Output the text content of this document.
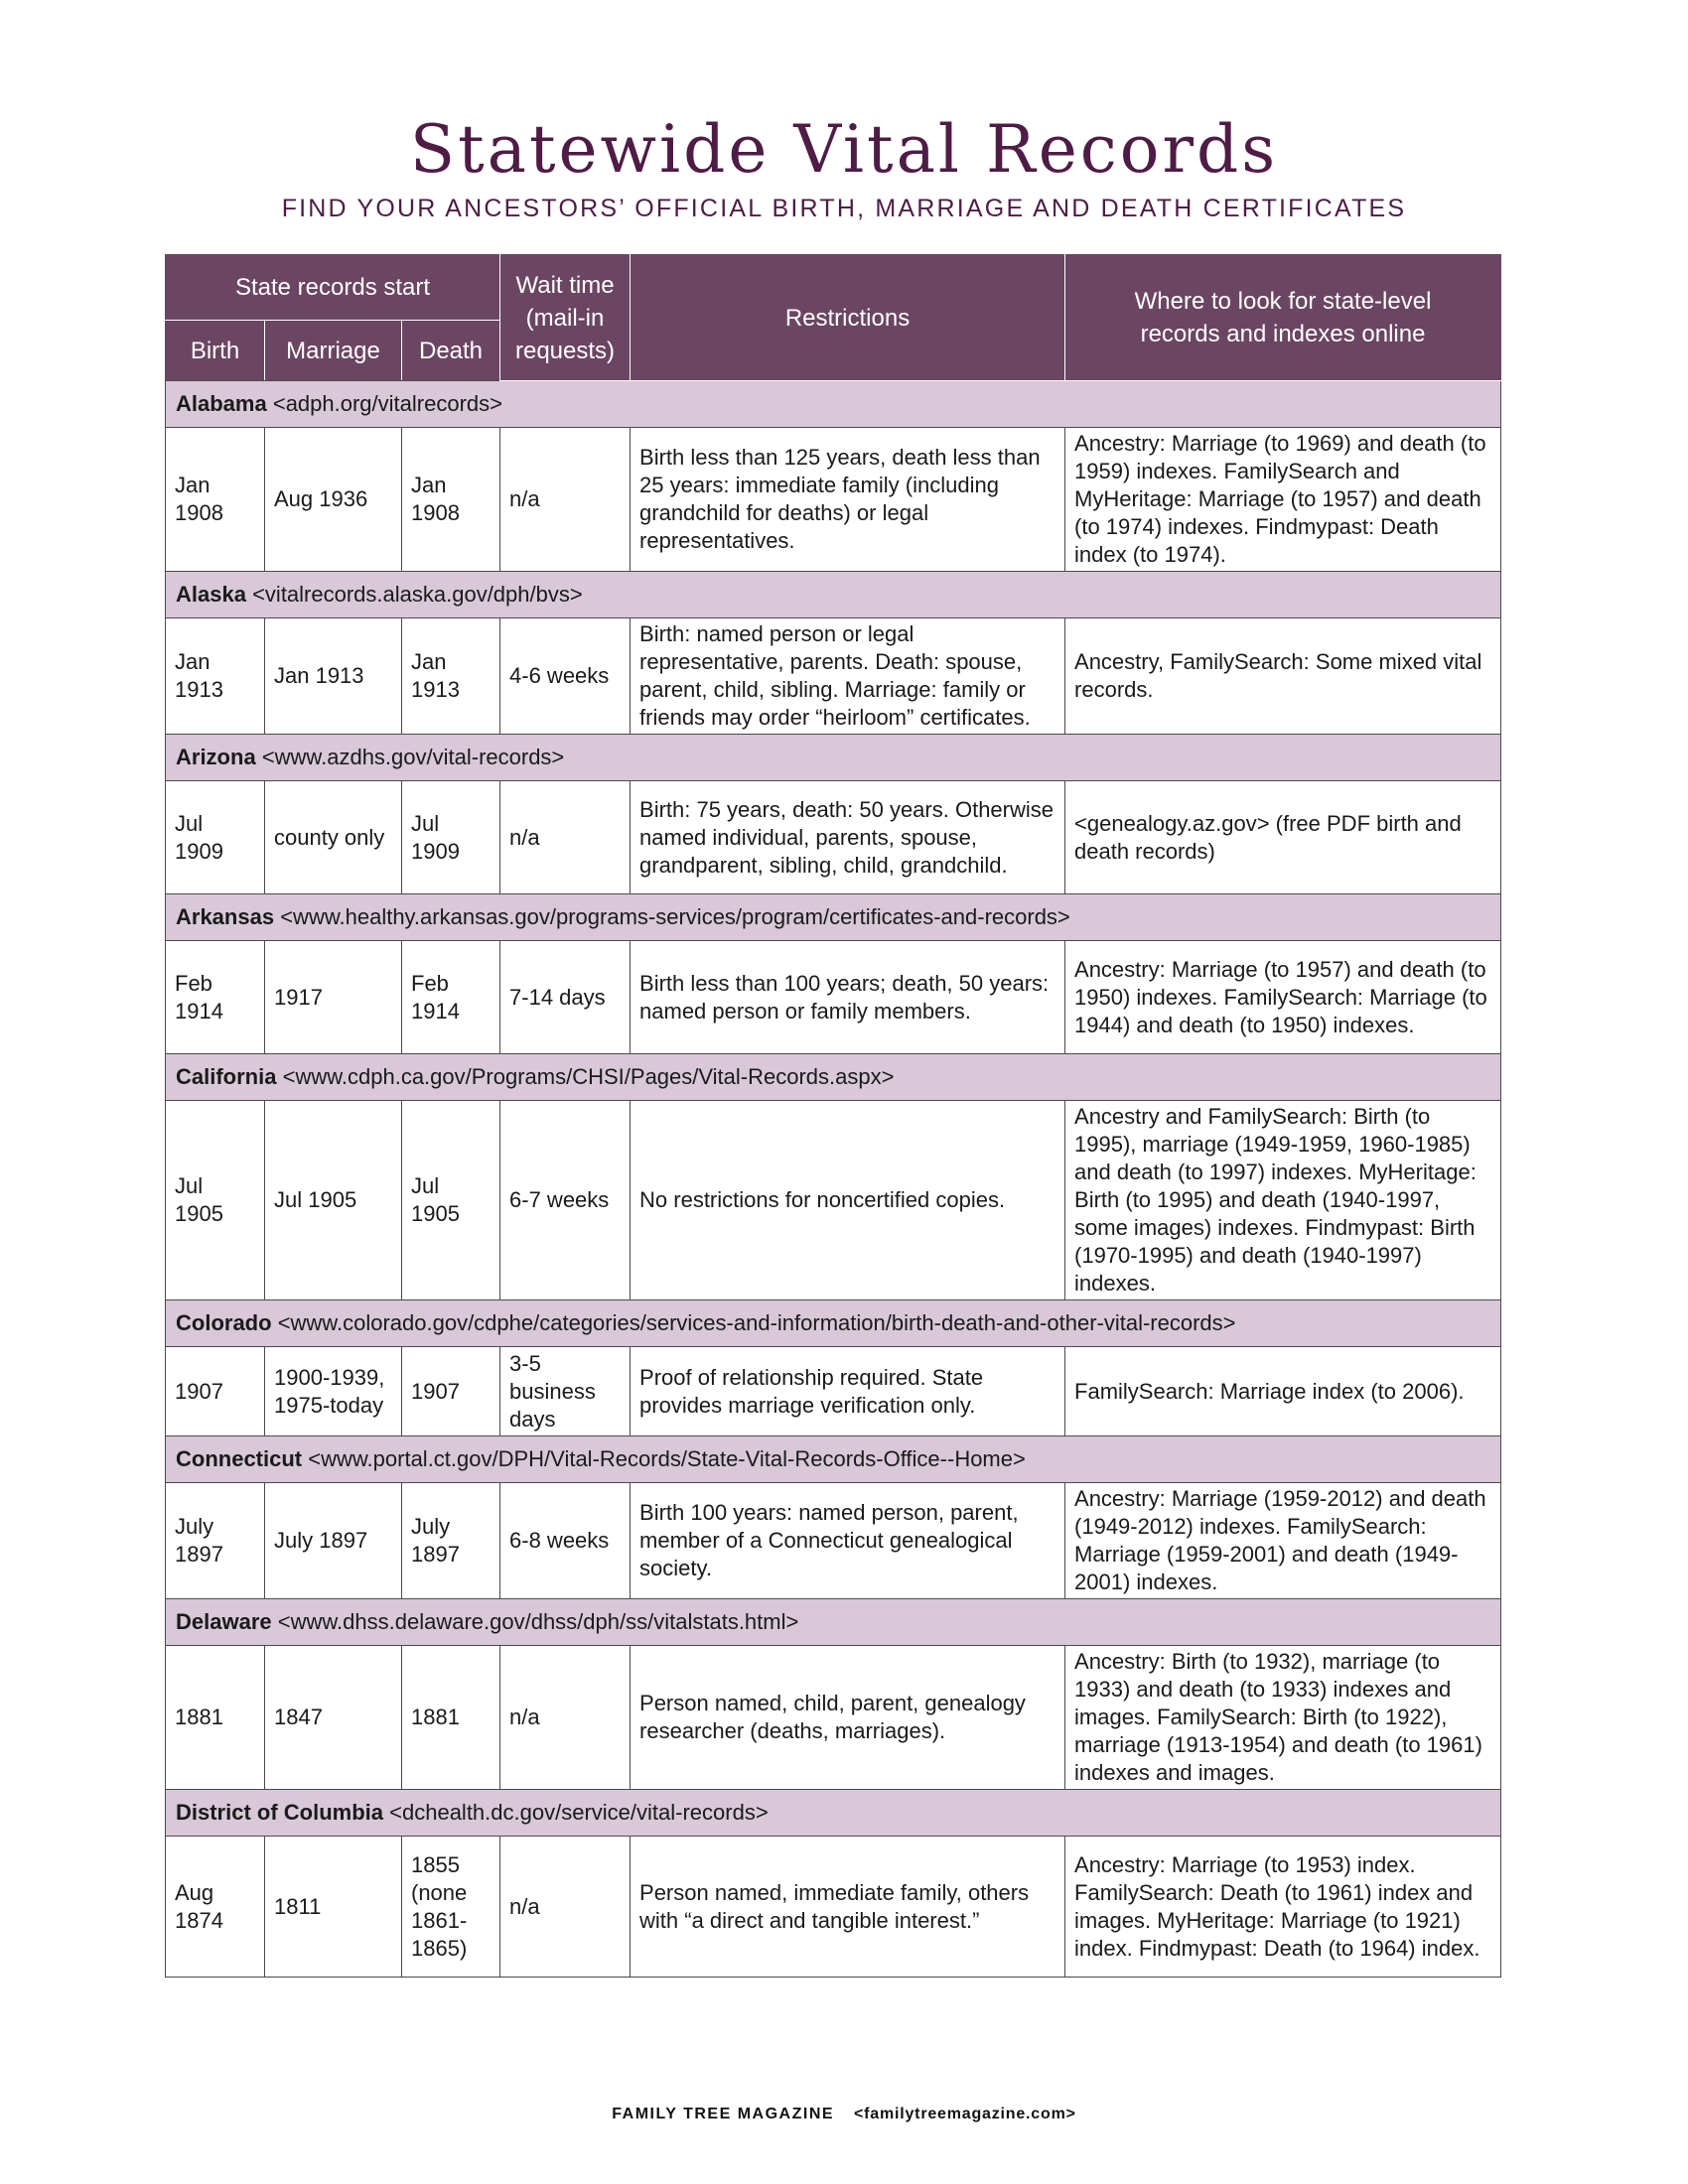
Statewide Vital Records

FIND YOUR ANCESTORS’ OFFICIAL BIRTH, MARRIAGE AND DEATH CERTIFICATES

State records start			Wait time (mail-in requests)	Restrictions	Where to look for state-level records and indexes online
Birth	Marriage	Death			
Alabama <adph.org/vitalrecords>					
Jan 1908	Aug 1936	Jan 1908	n/a	Birth less than 125 years, death less than 25 years: immediate family (including grandchild for deaths) or legal representatives.	Ancestry: Marriage (to 1969) and death (to 1959) indexes. FamilySearch and MyHeritage: Marriage (to 1957) and death (to 1974) indexes. Findmypast: Death index (to 1974).
Alaska <vitalrecords.alaska.gov/dph/bvs>					
Jan 1913	Jan 1913	Jan 1913	4-6 weeks	Birth: named person or legal representative, parents. Death: spouse, parent, child, sibling. Marriage: family or friends may order “heirloom” certificates.	Ancestry, FamilySearch: Some mixed vital records.
Arizona <www.azdhs.gov/vital-records>					
Jul 1909	county only	Jul 1909	n/a	Birth: 75 years, death: 50 years. Otherwise named individual, parents, spouse, grandparent, sibling, child, grandchild.	<genealogy.az.gov> (free PDF birth and death records)
Arkansas <www.healthy.arkansas.gov/programs-services/program/certificates-and-records>					
Feb 1914	1917	Feb 1914	7-14 days	Birth less than 100 years; death, 50 years: named person or family members.	Ancestry: Marriage (to 1957) and death (to 1950) indexes. FamilySearch: Marriage (to 1944) and death (to 1950) indexes.
California <www.cdph.ca.gov/Programs/CHSI/Pages/Vital-Records.aspx>					
Jul 1905	Jul 1905	Jul 1905	6-7 weeks	No restrictions for noncertified copies.	Ancestry and FamilySearch: Birth (to 1995), marriage (1949-1959, 1960-1985) and death (to 1997) indexes. MyHeritage: Birth (to 1995) and death (1940-1997, some images) indexes. Findmypast: Birth (1970-1995) and death (1940-1997) indexes.
Colorado <www.colorado.gov/cdphe/categories/services-and-information/birth-death-and-other-vital-records>					
1907	1900-1939, 1975-today	1907	3-5 business days	Proof of relationship required. State provides marriage verification only.	FamilySearch: Marriage index (to 2006).
Connecticut <www.portal.ct.gov/DPH/Vital-Records/State-Vital-Records-Office--Home>					
July 1897	July 1897	July 1897	6-8 weeks	Birth 100 years: named person, parent, member of a Connecticut genealogical society.	Ancestry: Marriage (1959-2012) and death (1949-2012) indexes. FamilySearch: Marriage (1959-2001) and death (1949-2001) indexes.
Delaware <www.dhss.delaware.gov/dhss/dph/ss/vitalstats.html>					
1881	1847	1881	n/a	Person named, child, parent, genealogy researcher (deaths, marriages).	Ancestry: Birth (to 1932), marriage (to 1933) and death (to 1933) indexes and images. FamilySearch: Birth (to 1922), marriage (1913-1954) and death (to 1961) indexes and images.
District of Columbia <dchealth.dc.gov/service/vital-records>					
Aug 1874	1811	1855 (none 1861-1865)	n/a	Person named, immediate family, others with “a direct and tangible interest.”	Ancestry: Marriage (to 1953) index. FamilySearch: Death (to 1961) index and images. MyHeritage: Marriage (to 1921) index. Findmypast: Death (to 1964) index.
FAMILY TREE MAGAZINE <familytreemagazine.com>
